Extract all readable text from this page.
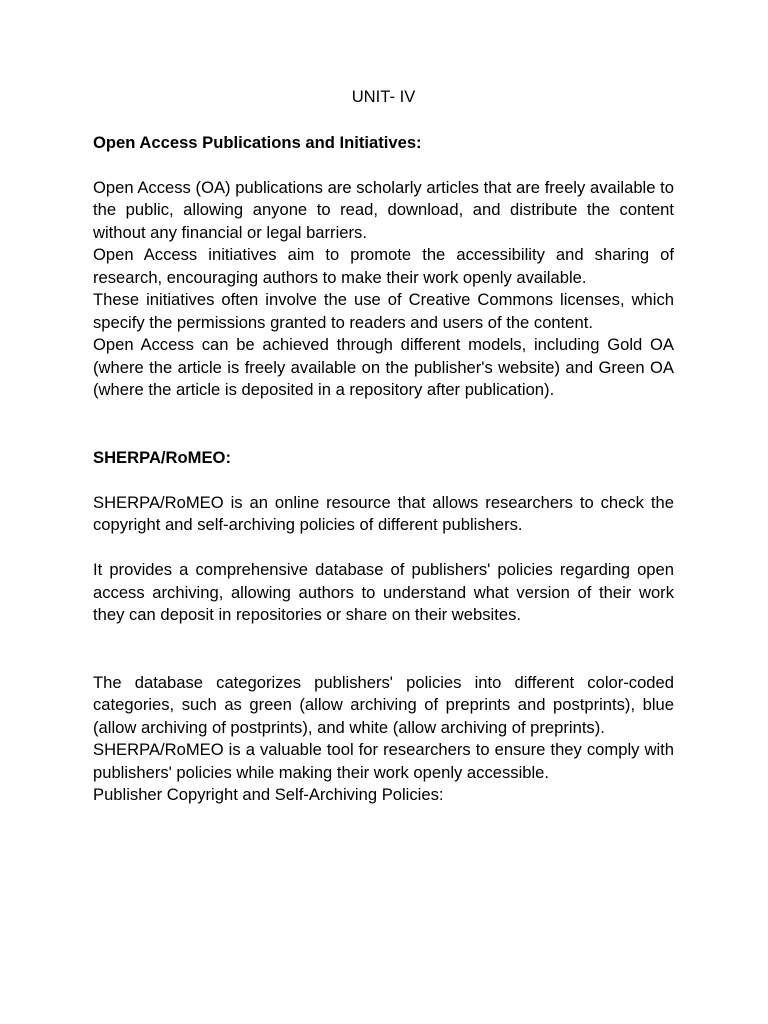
UNIT- IV
Open Access Publications and Initiatives:

Open Access (OA) publications are scholarly articles that are freely available to the public, allowing anyone to read, download, and distribute the content without any financial or legal barriers.

Open Access initiatives aim to promote the accessibility and sharing of research, encouraging authors to make their work openly available.

These initiatives often involve the use of Creative Commons licenses, which specify the permissions granted to readers and users of the content.

Open Access can be achieved through different models, including Gold OA (where the article is freely available on the publisher's website) and Green OA (where the article is deposited in a repository after publication).

SHERPA/RoMEO:

SHERPA/RoMEO is an online resource that allows researchers to check the copyright and self-archiving policies of different publishers.

It provides a comprehensive database of publishers' policies regarding open access archiving, allowing authors to understand what version of their work they can deposit in repositories or share on their websites.

The database categorizes publishers' policies into different color-coded categories, such as green (allow archiving of preprints and postprints), blue (allow archiving of postprints), and white (allow archiving of preprints).

SHERPA/RoMEO is a valuable tool for researchers to ensure they comply with publishers' policies while making their work openly accessible.

Publisher Copyright and Self-Archiving Policies:
